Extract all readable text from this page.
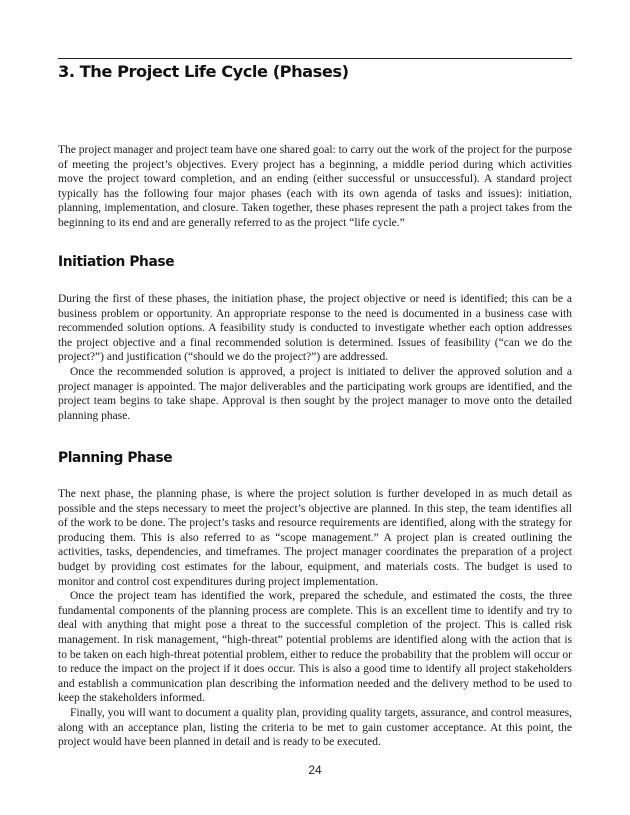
3. The Project Life Cycle (Phases)

The project manager and project team have one shared goal: to carry out the work of the project for the purpose of meeting the project’s objectives. Every project has a beginning, a middle period during which activities move the project toward completion, and an ending (either successful or unsuccessful). A standard project typically has the following four major phases (each with its own agenda of tasks and issues): initiation, planning, implementation, and closure. Taken together, these phases represent the path a project takes from the beginning to its end and are generally referred to as the project “life cycle.”

Initiation Phase

During the first of these phases, the initiation phase, the project objective or need is identified; this can be a business problem or opportunity. An appropriate response to the need is documented in a business case with recommended solution options. A feasibility study is conducted to investigate whether each option addresses the project objective and a final recommended solution is determined. Issues of feasibility (“can we do the project?”) and justification (“should we do the project?”) are addressed.

Once the recommended solution is approved, a project is initiated to deliver the approved solution and a project manager is appointed. The major deliverables and the participating work groups are identified, and the project team begins to take shape. Approval is then sought by the project manager to move onto the detailed planning phase.

Planning Phase

The next phase, the planning phase, is where the project solution is further developed in as much detail as possible and the steps necessary to meet the project’s objective are planned. In this step, the team identifies all of the work to be done. The project’s tasks and resource requirements are identified, along with the strategy for producing them. This is also referred to as “scope management.” A project plan is created outlining the activities, tasks, dependencies, and timeframes. The project manager coordinates the preparation of a project budget by providing cost estimates for the labour, equipment, and materials costs. The budget is used to monitor and control cost expenditures during project implementation.

Once the project team has identified the work, prepared the schedule, and estimated the costs, the three fundamental components of the planning process are complete. This is an excellent time to identify and try to deal with anything that might pose a threat to the successful completion of the project. This is called risk management. In risk management, “high-threat” potential problems are identified along with the action that is to be taken on each high-threat potential problem, either to reduce the probability that the problem will occur or to reduce the impact on the project if it does occur. This is also a good time to identify all project stakeholders and establish a communication plan describing the information needed and the delivery method to be used to keep the stakeholders informed.

Finally, you will want to document a quality plan, providing quality targets, assurance, and control measures, along with an acceptance plan, listing the criteria to be met to gain customer acceptance. At this point, the project would have been planned in detail and is ready to be executed.

24
